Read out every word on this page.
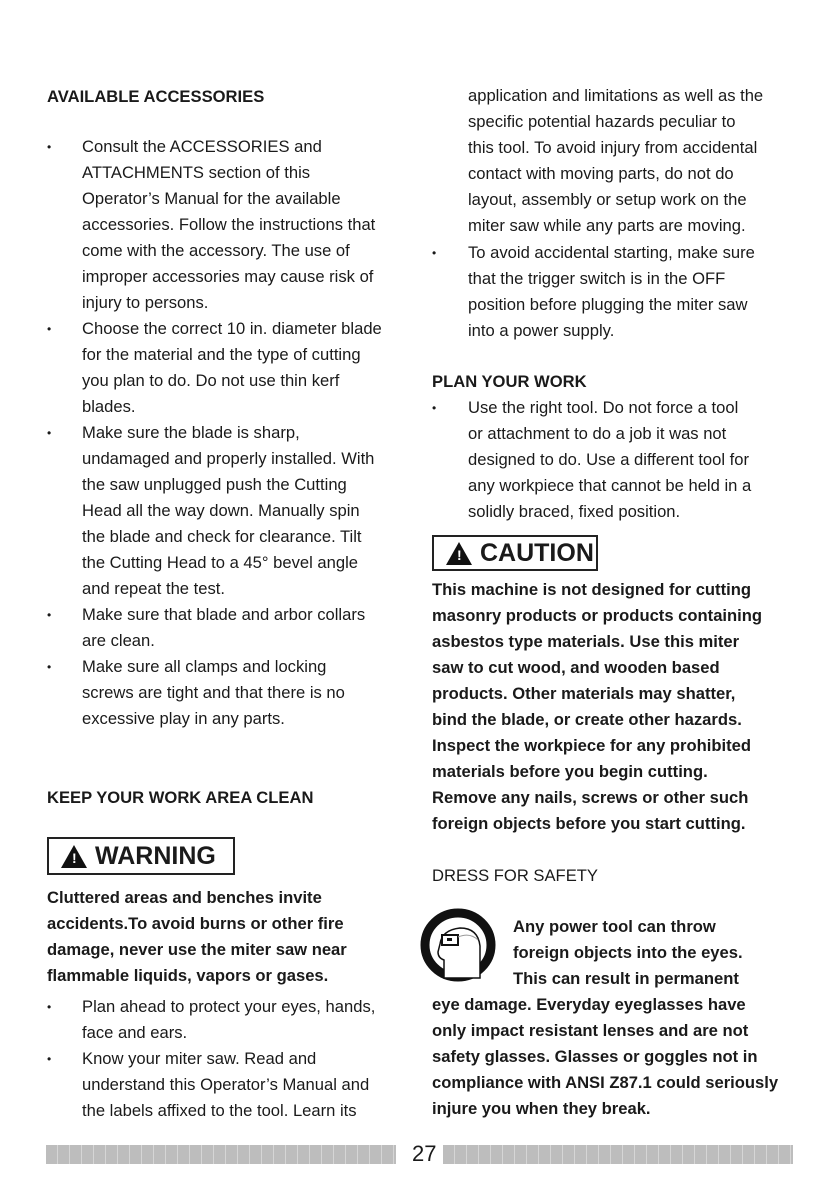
AVAILABLE ACCESSORIES
• Consult the ACCESSORIES and
ATTACHMENTS section of this
Operator’s Manual for the available
accessories. Follow the instructions that
come with the accessory. The use of
improper accessories may cause risk of
injury to persons.
• Choose the correct 10 in. diameter blade
for the material and the type of cutting
you plan to do. Do not use thin kerf
blades.
• Make sure the blade is sharp,
undamaged and properly installed. With
the saw unplugged push the Cutting
Head all the way down. Manually spin
the blade and check for clearance. Tilt
the Cutting Head to a 45° bevel angle
and repeat the test.
• Make sure that blade and arbor collars
are clean.
• Make sure all clamps and locking
screws are tight and that there is no
excessive play in any parts.
KEEP YOUR WORK AREA CLEAN
! WARNING
Cluttered areas and benches invite
accidents.To avoid burns or other fire
damage, never use the miter saw near
flammable liquids, vapors or gases.
• Plan ahead to protect your eyes, hands,
face and ears.
• Know your miter saw. Read and
understand this Operator’s Manual and
the labels affixed to the tool. Learn its
application and limitations as well as the
specific potential hazards peculiar to
this tool. To avoid injury from accidental
contact with moving parts, do not do
layout, assembly or setup work on the
miter saw while any parts are moving.
• To avoid accidental starting, make sure
that the trigger switch is in the OFF
position before plugging the miter saw
into a power supply.
PLAN YOUR WORK
• Use the right tool. Do not force a tool
or attachment to do a job it was not
designed to do. Use a different tool for
any workpiece that cannot be held in a
solidly braced, fixed position.
! CAUTION
This machine is not designed for cutting
masonry products or products containing
asbestos type materials. Use this miter
saw to cut wood, and wooden based
products. Other materials may shatter,
bind the blade, or create other hazards.
Inspect the workpiece for any prohibited
materials before you begin cutting.
Remove any nails, screws or other such
foreign objects before you start cutting.
DRESS FOR SAFETY
Any power tool can throw
foreign objects into the eyes.
This can result in permanent
eye damage. Everyday eyeglasses have
only impact resistant lenses and are not
safety glasses. Glasses or goggles not in
compliance with ANSI Z87.1 could seriously
injure you when they break.
27
